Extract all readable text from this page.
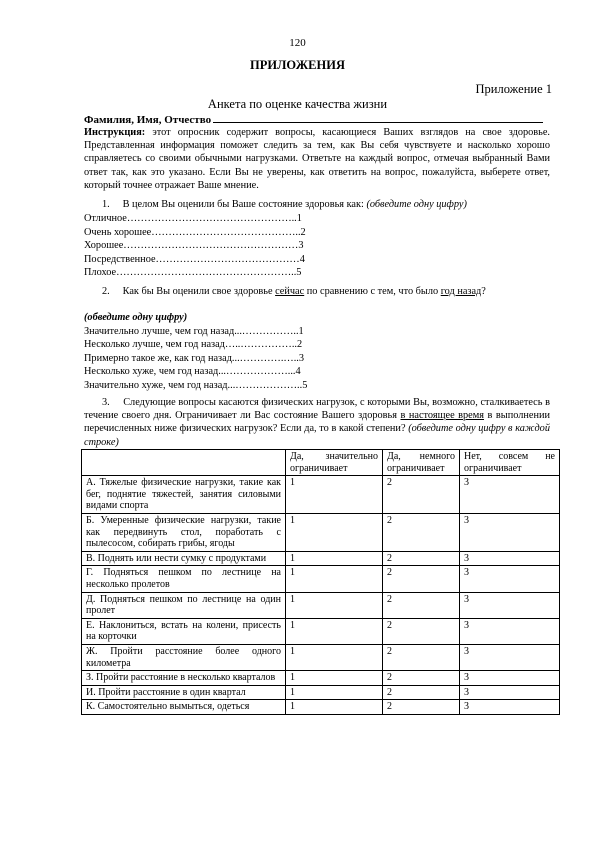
120
ПРИЛОЖЕНИЯ
Приложение 1
Анкета по оценке качества жизни
Фамилия, Имя, Отчество
Инструкция: этот опросник содержит вопросы, касающиеся Ваших взглядов на свое здоровье. Представленная информация поможет следить за тем, как Вы себя чувствуете и насколько хорошо справляетесь со своими обычными нагрузками. Ответьте на каждый вопрос, отмечая выбранный Вами ответ так, как это указано. Если Вы не уверены, как ответить на вопрос, пожалуйста, выберете ответ, который точнее отражает Ваше мнение.
1.     В целом Вы оценили бы Ваше состояние здоровья как: (обведите одну цифру)
Отличное…………………………………………..1
Очень хорошее……………………………………..2
Хорошее……………………………………………3
Посредственное……………………………………4
Плохое……………………………………………..5
2.     Как бы Вы оценили свое здоровье сейчас по сравнению с тем, что было год назад?
(обведите одну цифру)
Значительно лучше, чем год назад...……………..1
Несколько лучше, чем год назад…..……………..2
Примерно такое же, как год назад...………….…..3
Несколько хуже, чем год назад...………………...4
Значительно хуже, чем год назад...………………..5
3.     Следующие вопросы касаются физических нагрузок, с которыми Вы, возможно, сталкиваетесь в течение своего дня. Ограничивает ли Вас состояние Вашего здоровья в настоящее время в выполнении перечисленных ниже физических нагрузок? Если да, то в какой степени? (обведите одну цифру в каждой строке)
	Да, значительно ограничивает	Да, немного ограничивает	Нет, совсем не ограничивает
А. Тяжелые физические нагрузки, такие как бег, поднятие тяжестей, занятия силовыми видами спорта	1	2	3
Б. Умеренные физические нагрузки, такие как передвинуть стол, поработать с пылесосом, собирать грибы, ягоды	1	2	3
В. Поднять или нести сумку с продуктами	1	2	3
Г. Подняться пешком по лестнице на несколько пролетов	1	2	3
Д. Подняться пешком по лестнице на один пролет	1	2	3
Е. Наклониться, встать на колени, присесть на корточки	1	2	3
Ж. Пройти расстояние более одного километра	1	2	3
З. Пройти расстояние в несколько кварталов	1	2	3
И. Пройти расстояние в один квартал	1	2	3
К. Самостоятельно вымыться, одеться	1	2	3
